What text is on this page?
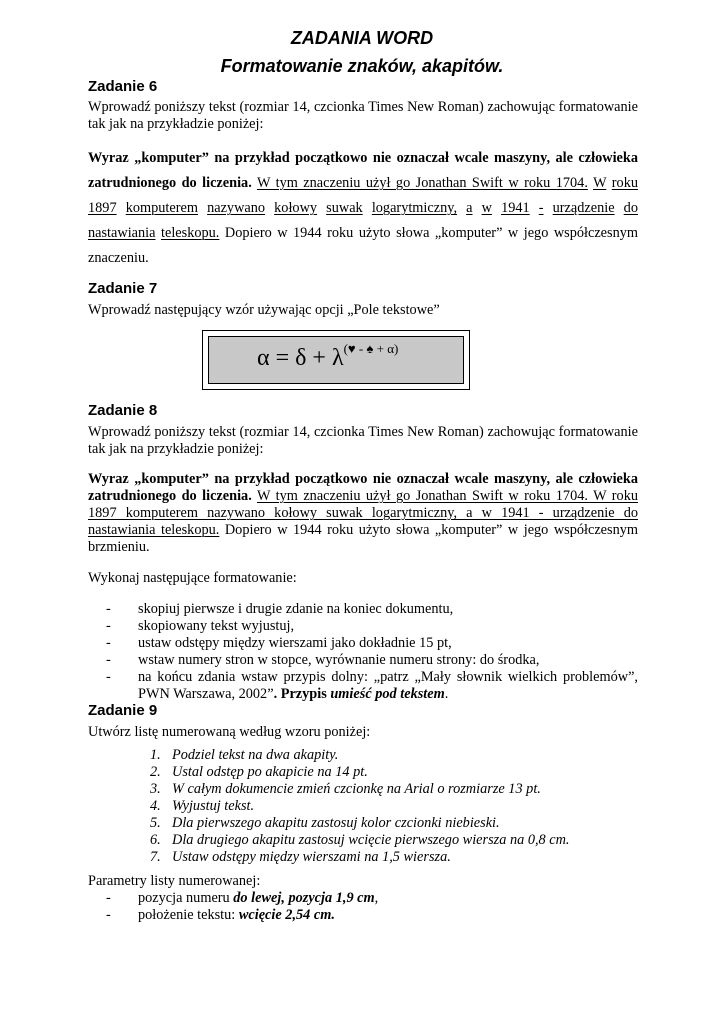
ZADANIA WORD
Formatowanie znaków, akapitów.
Zadanie 6

Wprowadź poniższy tekst (rozmiar 14, czcionka Times New Roman) zachowując formatowanie tak jak na przykładzie poniżej:

Wyraz „komputer” na przykład początkowo nie oznaczał wcale maszyny, ale człowieka zatrudnionego do liczenia. W tym znaczeniu użył go Jonathan Swift w roku 1704. W roku 1897 komputerem nazywano kołowy suwak logarytmiczny, a w 1941 - urządzenie do nastawiania teleskopu. Dopiero w 1944 roku użyto słowa „komputer” w jego współczesnym znaczeniu.

Zadanie 7

Wprowadź następujący wzór używając opcji „Pole tekstowe”

$\alpha = \delta + \lambda^{(♥ - ♠ + \alpha)}$
Zadanie 8

Wprowadź poniższy tekst (rozmiar 14, czcionka Times New Roman) zachowując formatowanie tak jak na przykładzie poniżej:

Wyraz „komputer” na przykład początkowo nie oznaczał wcale maszyny, ale człowieka zatrudnionego do liczenia. W tym znaczeniu użył go Jonathan Swift w roku 1704. W roku 1897 komputerem nazywano kołowy suwak logarytmiczny, a w 1941 - urządzenie do nastawiania teleskopu. Dopiero w 1944 roku użyto słowa „komputer” w jego współczesnym brzmieniu.

Wykonaj następujące formatowanie:

- skopiuj pierwsze i drugie zdanie na koniec dokumentu,
- skopiowany tekst wyjustuj,
- ustaw odstępy między wierszami jako dokładnie 15 pt,
- wstaw numery stron w stopce, wyrównanie numeru strony: do środka,
- na końcu zdania wstaw przypis dolny: „patrz „Mały słownik wielkich problemów”, PWN Warszawa, 2002”. Przypis umieść pod tekstem.
Zadanie 9

Utwórz listę numerowaną według wzoru poniżej:

1. Podziel tekst na dwa akapity.
2. Ustal odstęp po akapicie na 14 pt.
3. W całym dokumencie zmień czcionkę na Arial o rozmiarze 13 pt.
4. Wyjustuj tekst.
5. Dla pierwszego akapitu zastosuj kolor czcionki niebieski.
6. Dla drugiego akapitu zastosuj wcięcie pierwszego wiersza na 0,8 cm.
7. Ustaw odstępy między wierszami na 1,5 wiersza.

Parametry listy numerowanej:

- pozycja numeru do lewej, pozycja 1,9 cm,
- położenie tekstu: wcięcie 2,54 cm.
